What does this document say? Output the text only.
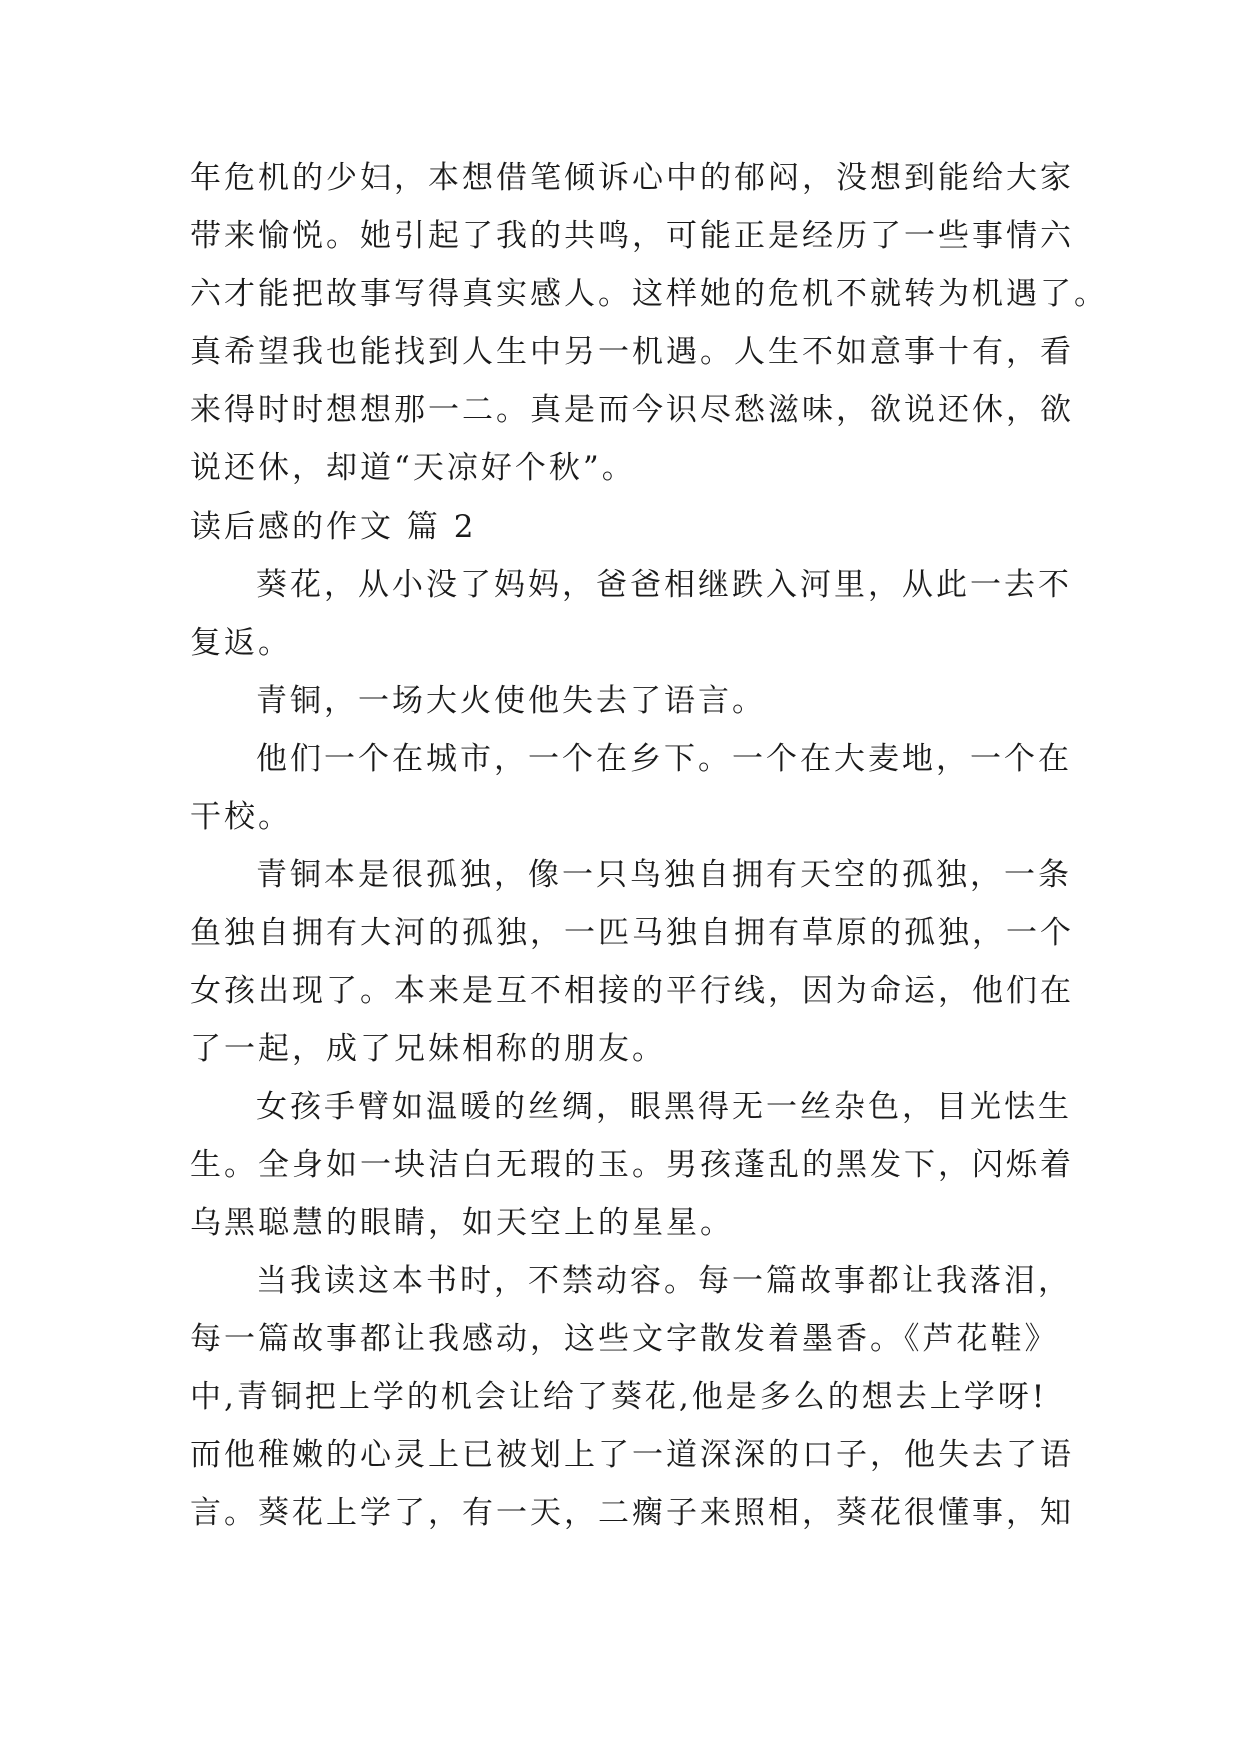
年危机的少妇，本想借笔倾诉心中的郁闷，没想到能给大家

带来愉悦。她引起了我的共鸣，可能正是经历了一些事情六

六才能把故事写得真实感人。这样她的危机不就转为机遇了。

真希望我也能找到人生中另一机遇。人生不如意事十有，看

来得时时想想那一二。真是而今识尽愁滋味，欲说还休，欲

说还休，却道“天凉好个秋”。

读后感的作文 篇 2

葵花，从小没了妈妈，爸爸相继跌入河里，从此一去不

复返。

青铜，一场大火使他失去了语言。

他们一个在城市，一个在乡下。一个在大麦地，一个在

干校。

青铜本是很孤独，像一只鸟独自拥有天空的孤独，一条

鱼独自拥有大河的孤独，一匹马独自拥有草原的孤独，一个

女孩出现了。本来是互不相接的平行线，因为命运，他们在

了一起，成了兄妹相称的朋友。

女孩手臂如温暖的丝绸，眼黑得无一丝杂色，目光怯生

生。全身如一块洁白无瑕的玉。男孩蓬乱的黑发下，闪烁着

乌黑聪慧的眼睛，如天空上的星星。

当我读这本书时，不禁动容。每一篇故事都让我落泪，

每一篇故事都让我感动，这些文字散发着墨香。《芦花鞋》

中,青铜把上学的机会让给了葵花,他是多么的想去上学呀!

而他稚嫩的心灵上已被划上了一道深深的口子，他失去了语

言。葵花上学了，有一天，二瘸子来照相，葵花很懂事，知
